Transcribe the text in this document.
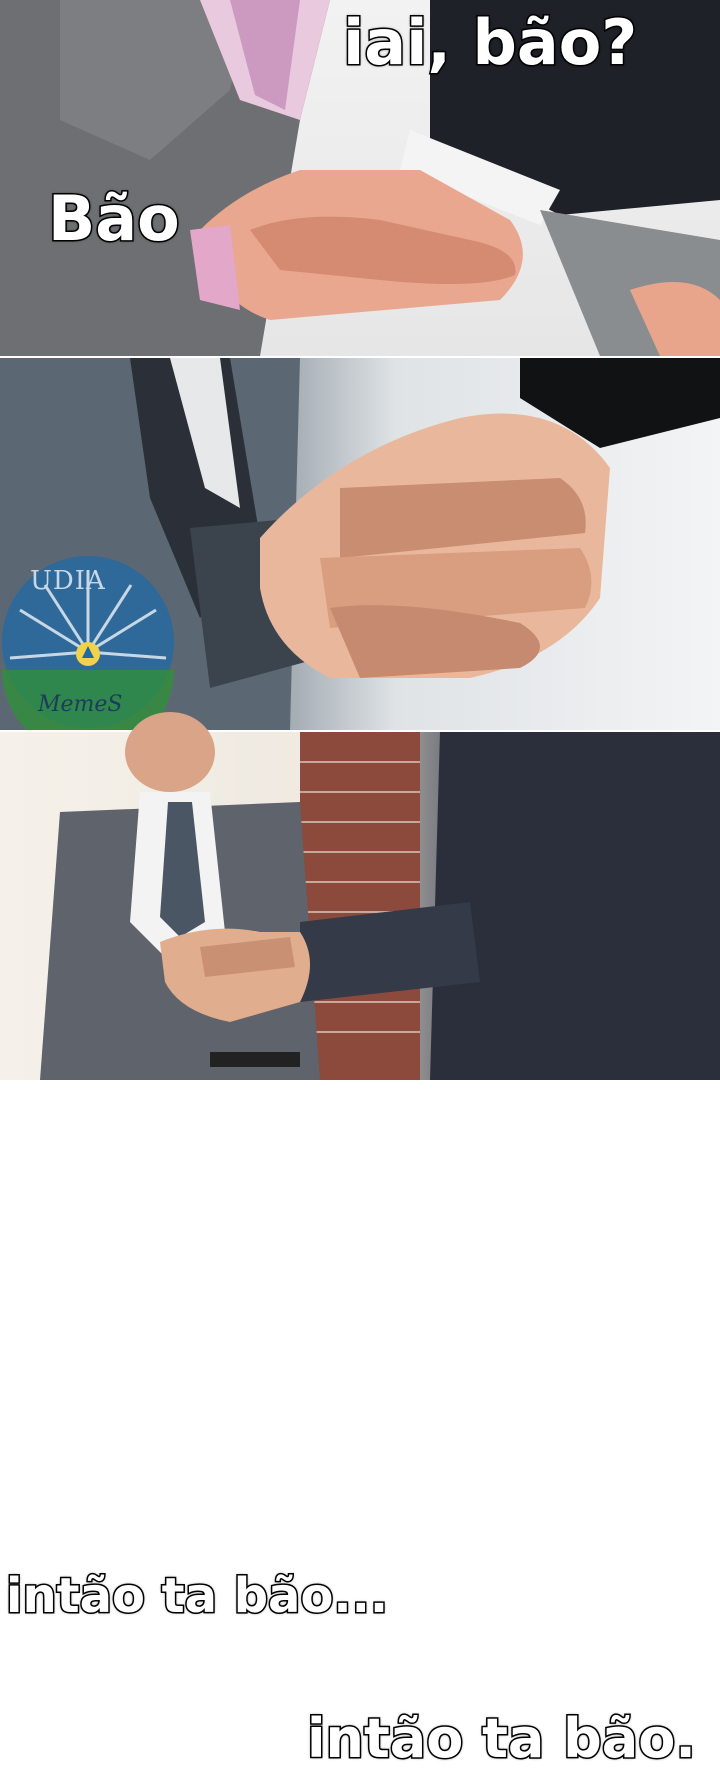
iai, bão?
Bão
UDIA
MemeS
intão ta bão...
intão ta bão.
